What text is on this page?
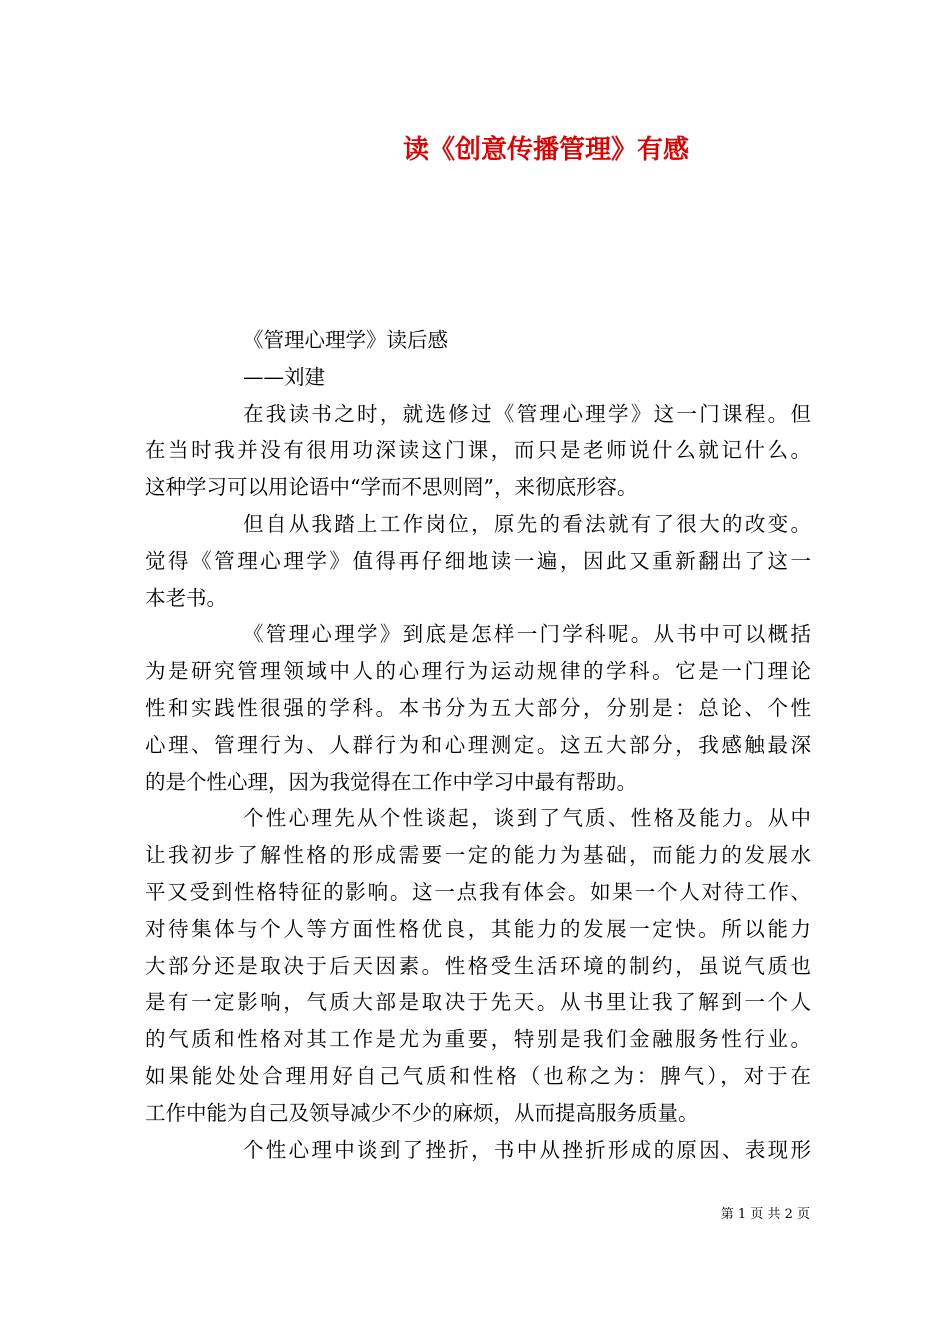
读《创意传播管理》有感
《管理心理学》读后感
——刘建
在我读书之时，就选修过《管理心理学》这一门课程。但
在当时我并没有很用功深读这门课，而只是老师说什么就记什么。
这种学习可以用论语中“学而不思则罔”，来彻底形容。
但自从我踏上工作岗位，原先的看法就有了很大的改变。
觉得《管理心理学》值得再仔细地读一遍，因此又重新翻出了这一
本老书。
《管理心理学》到底是怎样一门学科呢。从书中可以概括
为是研究管理领域中人的心理行为运动规律的学科。它是一门理论
性和实践性很强的学科。本书分为五大部分，分别是：总论、个性
心理、管理行为、人群行为和心理测定。这五大部分，我感触最深
的是个性心理，因为我觉得在工作中学习中最有帮助。
个性心理先从个性谈起，谈到了气质、性格及能力。从中
让我初步了解性格的形成需要一定的能力为基础，而能力的发展水
平又受到性格特征的影响。这一点我有体会。如果一个人对待工作、
对待集体与个人等方面性格优良，其能力的发展一定快。所以能力
大部分还是取决于后天因素。性格受生活环境的制约，虽说气质也
是有一定影响，气质大部是取决于先天。从书里让我了解到一个人
的气质和性格对其工作是尤为重要，特别是我们金融服务性行业。
如果能处处合理用好自己气质和性格（也称之为：脾气），对于在
工作中能为自己及领导减少不少的麻烦，从而提高服务质量。
个性心理中谈到了挫折，书中从挫折形成的原因、表现形
第 1 页 共 2 页
